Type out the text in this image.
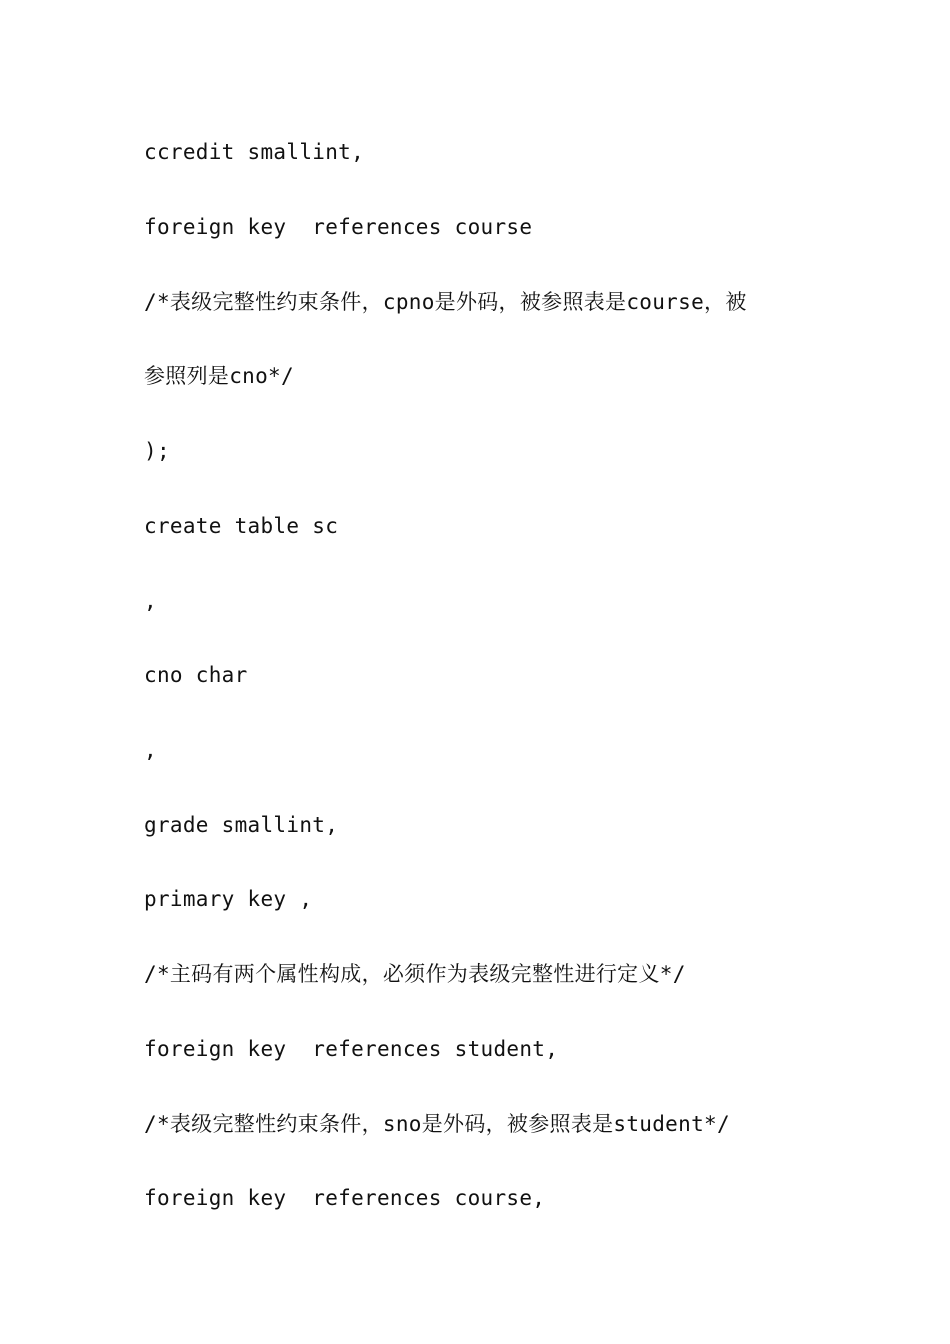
ccredit smallint,
foreign key  references course
/*表级完整性约束条件，cpno是外码，被参照表是course，被
参照列是cno*/
);
create table sc
,
cno char
,
grade smallint,
primary key ,
/*主码有两个属性构成，必须作为表级完整性进行定义*/
foreign key  references student,
/*表级完整性约束条件，sno是外码，被参照表是student*/
foreign key  references course,
